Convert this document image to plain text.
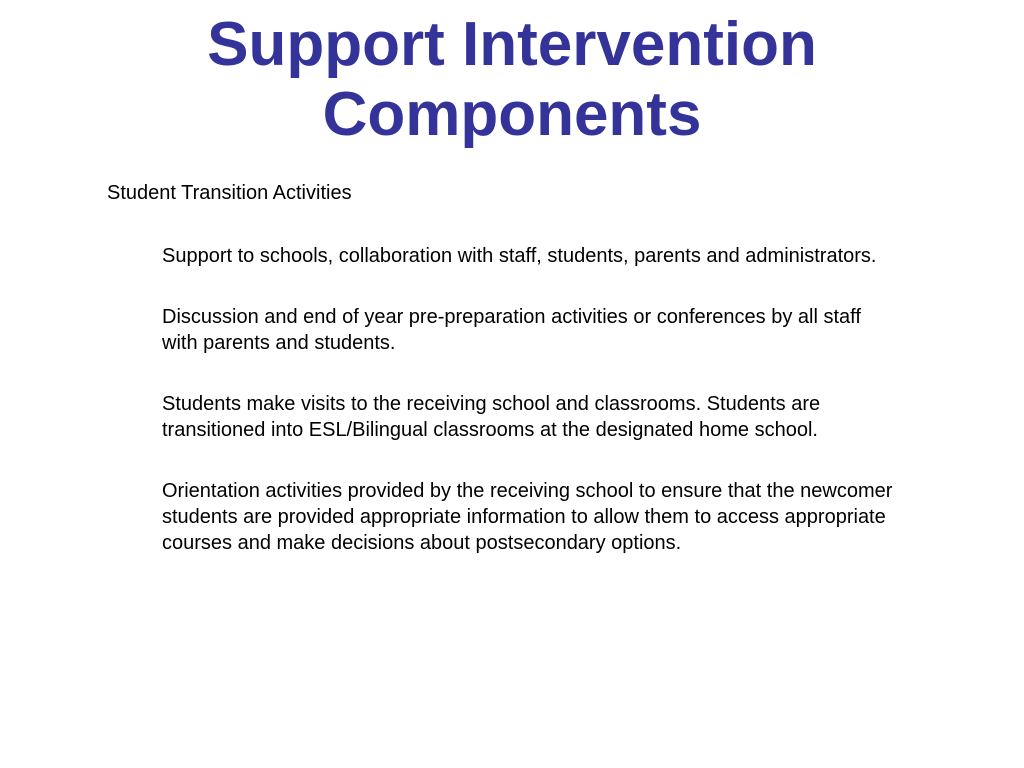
Support Intervention
Components

Student Transition Activities

Support to schools, collaboration with staff, students, parents and administrators.
Discussion and end of year pre-preparation activities or conferences by all staff with parents and students.
Students make visits to the receiving school and classrooms. Students are transitioned into ESL/Bilingual classrooms at the designated home school.
Orientation activities provided by the receiving school to ensure that the newcomer students are provided appropriate information to allow them to access appropriate courses and make decisions about postsecondary options.
